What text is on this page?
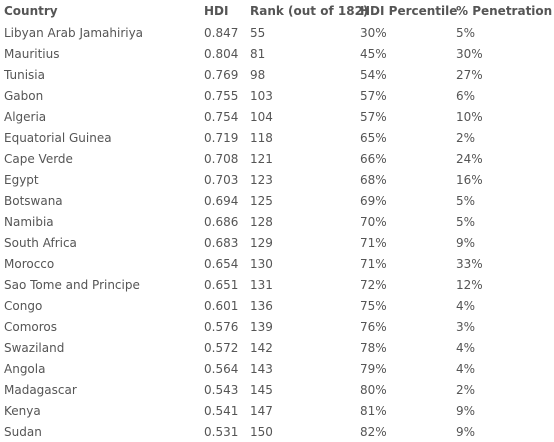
Country	HDI	Rank (out of 182)	HDI Percentile	% Penetration
Libyan Arab Jamahiriya	0.847	55	30%	5%
Mauritius	0.804	81	45%	30%
Tunisia	0.769	98	54%	27%
Gabon	0.755	103	57%	6%
Algeria	0.754	104	57%	10%
Equatorial Guinea	0.719	118	65%	2%
Cape Verde	0.708	121	66%	24%
Egypt	0.703	123	68%	16%
Botswana	0.694	125	69%	5%
Namibia	0.686	128	70%	5%
South Africa	0.683	129	71%	9%
Morocco	0.654	130	71%	33%
Sao Tome and Principe	0.651	131	72%	12%
Congo	0.601	136	75%	4%
Comoros	0.576	139	76%	3%
Swaziland	0.572	142	78%	4%
Angola	0.564	143	79%	4%
Madagascar	0.543	145	80%	2%
Kenya	0.541	147	81%	9%
Sudan	0.531	150	82%	9%
